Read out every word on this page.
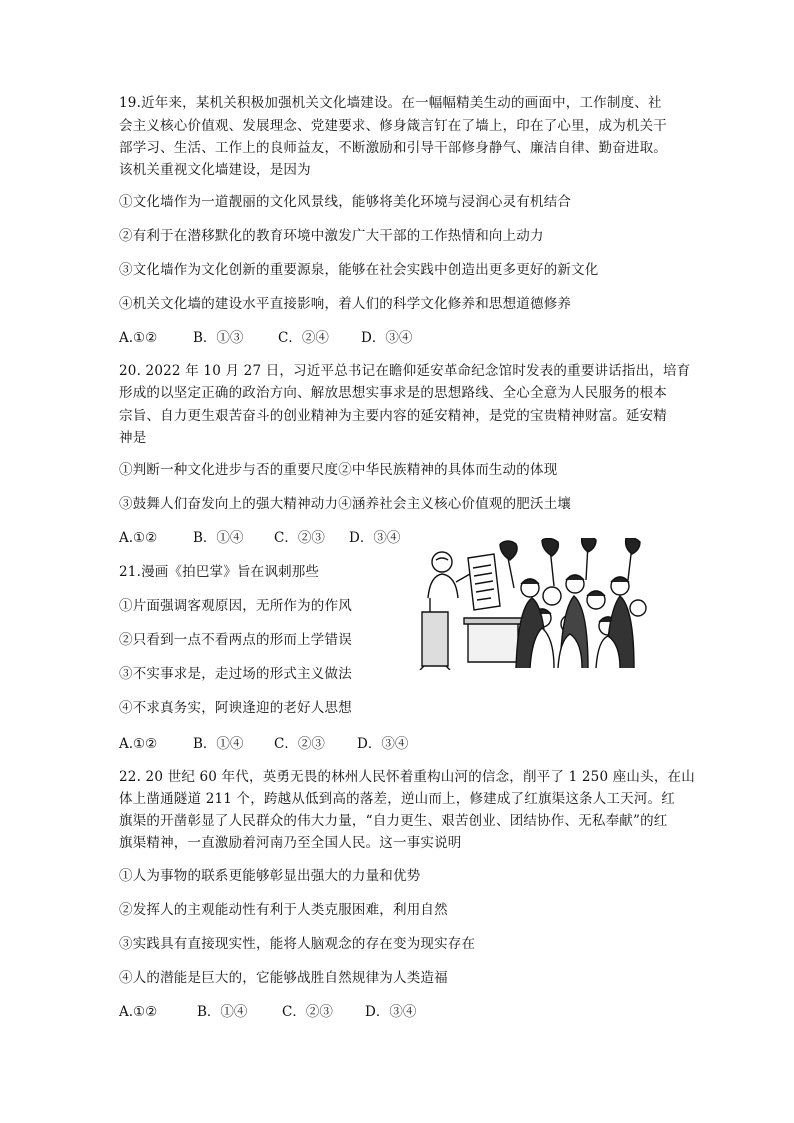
19.近年来，某机关积极加强机关文化墙建设。在一幅幅精美生动的画面中，工作制度、社
会主义核心价值观、发展理念、党建要求、修身箴言钉在了墙上，印在了心里，成为机关干
部学习、生活、工作上的良师益友，不断激励和引导干部修身静气、廉洁自律、勤奋进取。
该机关重视文化墙建设，是因为
①文化墙作为一道靓丽的文化风景线，能够将美化环境与浸润心灵有机结合
②有利于在潜移默化的教育环境中激发广大干部的工作热情和向上动力
③文化墙作为文化创新的重要源泉，能够在社会实践中创造出更多更好的新文化
④机关文化墙的建设水平直接影响，着人们的科学文化修养和思想道德修养
A.①②	B．①③	C．②④ D．③④
20. 2022 年 10 月 27 日，习近平总书记在瞻仰延安革命纪念馆时发表的重要讲话指出，培育
形成的以坚定正确的政治方向、解放思想实事求是的思想路线、全心全意为人民服务的根本
宗旨、自力更生艰苦奋斗的创业精神为主要内容的延安精神，是党的宝贵精神财富。延安精
神是
①判断一种文化进步与否的重要尺度②中华民族精神的具体而生动的体现
③鼓舞人们奋发向上的强大精神动力④涵养社会主义核心价值观的肥沃土壤
A.①②	B．①④ C．②③ D．③④
21.漫画《拍巴掌》旨在讽刺那些
①片面强调客观原因，无所作为的作风
②只看到一点不看两点的形而上学错误
③不实事求是，走过场的形式主义做法
④不求真务实，阿谀逢迎的老好人思想
A.①②	B．①④ C．②③ D．③④
22. 20 世纪 60 年代，英勇无畏的林州人民怀着重构山河的信念，削平了 1 250 座山头，在山
体上凿通隧道 211 个，跨越从低到高的落差，逆山而上，修建成了红旗渠这条人工天河。红
旗渠的开凿彰显了人民群众的伟大力量，“自力更生、艰苦创业、团结协作、无私奉献”的红
旗渠精神，一直激励着河南乃至全国人民。这一事实说明
①人为事物的联系更能够彰显出强大的力量和优势
②发挥人的主观能动性有利于人类克服困难，利用自然
③实践具有直接现实性，能将人脑观念的存在变为现实存在
④人的潜能是巨大的，它能够战胜自然规律为人类造福
A.①②	B．①④	C．②③ D．③④
